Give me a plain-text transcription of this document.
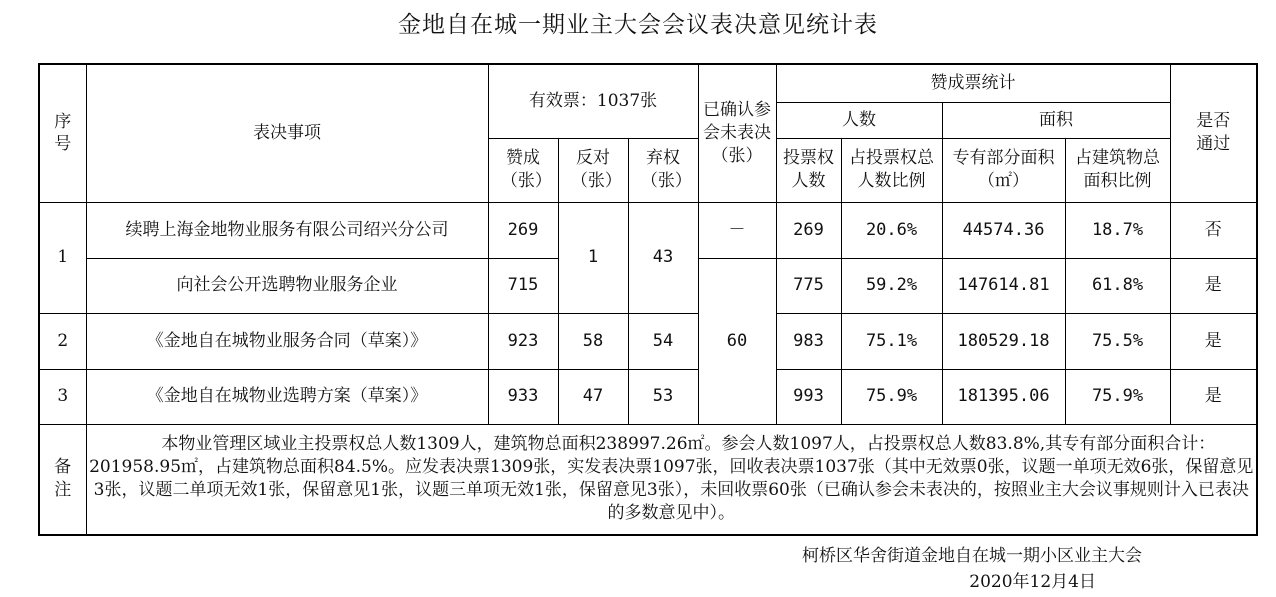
金地自在城一期业主大会会议表决意见统计表
序号	表决事项	有效票：1037张			已确认参会未表决（张）	赞成票统计				是否通过
						人数		面积		
		赞成（张）	反对（张）	弃权（张）		投票权人数	占投票权总人数比例	专有部分面积（㎡）	占建筑物总面积比例	
1	续聘上海金地物业服务有限公司绍兴分公司	269	1	43	－	269	20.6%	44574.36	18.7%	否
	向社会公开选聘物业服务企业	715			60	775	59.2%	147614.81	61.8%	是
2	《金地自在城物业服务合同（草案）》	923	58	54		983	75.1%	180529.18	75.5%	是
3	《金地自在城物业选聘方案（草案）》	933	47	53		993	75.9%	181395.06	75.9%	是
备注	本物业管理区域业主投票权总人数1309人，建筑物总面积238997.26㎡。参会人数1097人，占投票权总人数83.8%,其专有部分面积合计：201958.95㎡，占建筑物总面积84.5%。应发表决票1309张，实发表决票1097张，回收表决票1037张（其中无效票0张，议题一单项无效6张，保留意见3张，议题二单项无效1张，保留意见1张，议题三单项无效1张，保留意见3张），未回收票60张（已确认参会未表决的，按照业主大会议事规则计入已表决的多数意见中）。									
柯桥区华舍街道金地自在城一期小区业主大会
2020年12月4日
